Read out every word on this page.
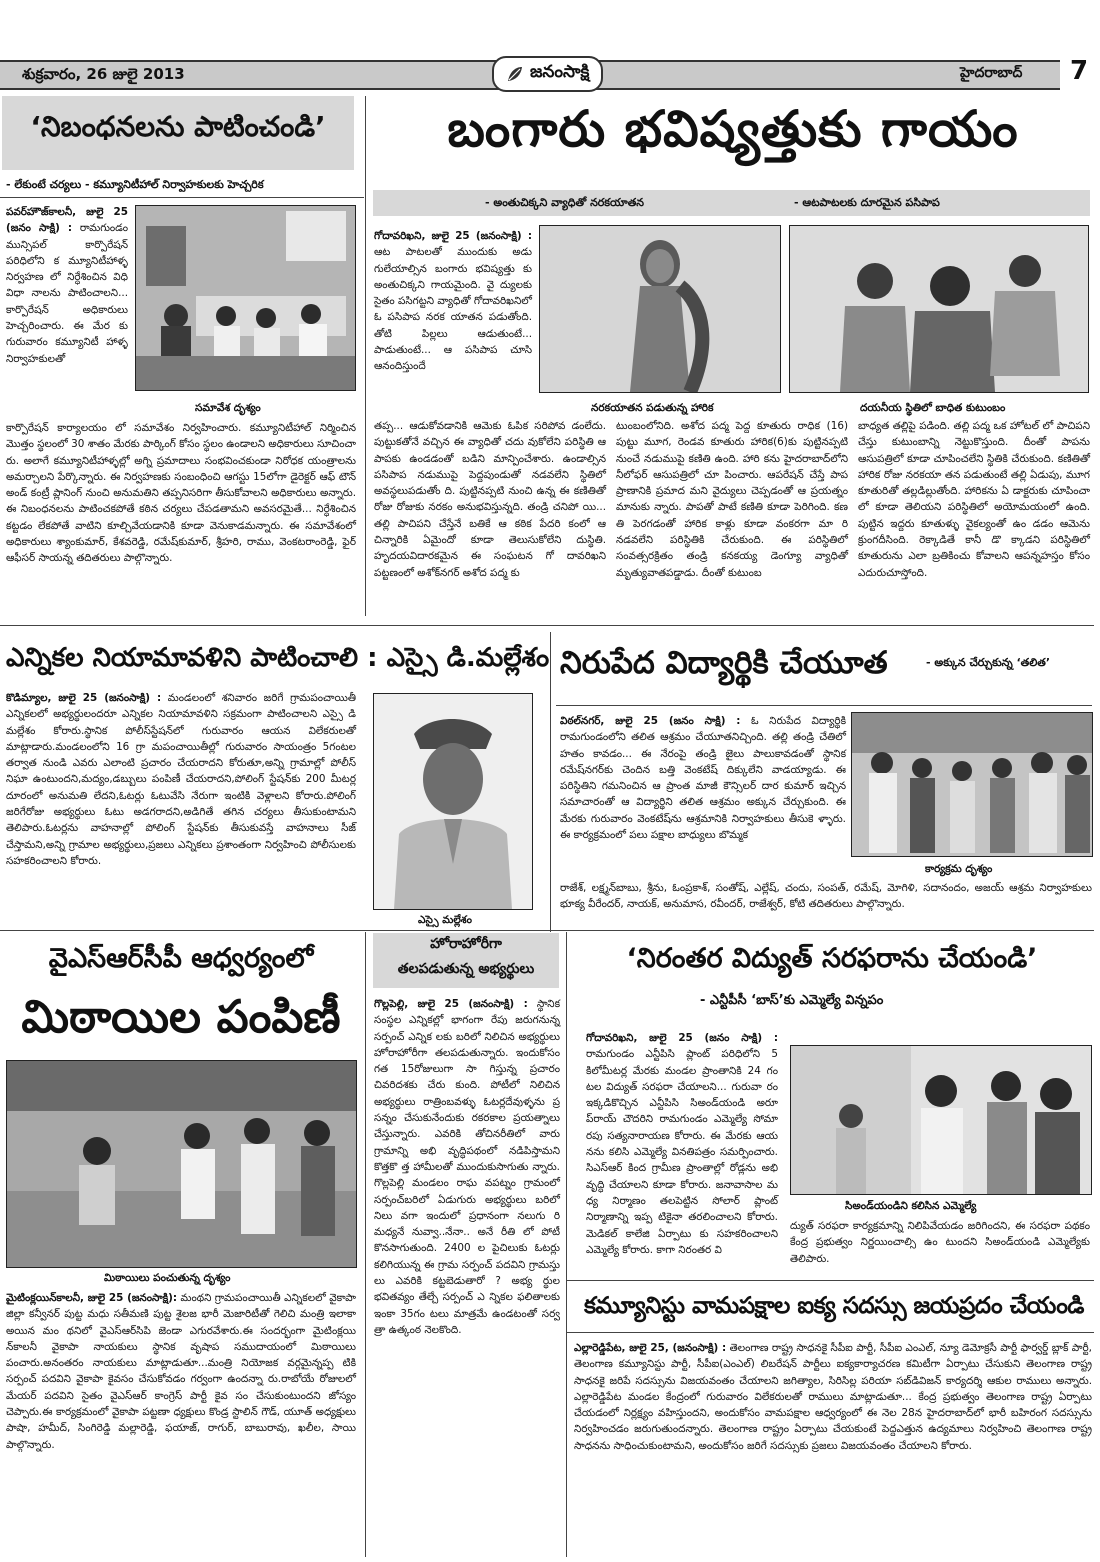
శుక్రవారం, 26 జులై 2013	జనంసాక్షి	హైదరాబాద్ 7
‘నిబంధనలను పాటించండి’
- లేకుంటే చర్యలు - కమ్యూనిటీహాల్ నిర్వాహకులకు హెచ్చరిక

పవర్‌హౌజ్‌కాలనీ, జులై 25 (జనం సాక్షి) : రామగుండం మున్సిపల్ కార్పొరేషన్ పరిధిలోని క మ్యూనిటీహాళ్ళ నిర్వహణ లో నిర్ధేశించిన విధి విధా నాలను పాటించాలని... కార్పొరేషన్ అధికారులు హెచ్చరించారు. ఈ మేర కు గురువారం కమ్యూనిటీ హాళ్ళ నిర్వాహకులతో

సమావేశ దృశ్యం

కార్పొరేషన్ కార్యాలయం లో సమావేశం నిర్వహించారు. కమ్యూనిటీహాల్ నిర్మించిన మొత్తం స్థలంలో 30 శాతం మేరకు పార్కింగ్ కోసం స్థలం ఉండాలని అధికారులు సూచించా రు. అలాగే కమ్యూనిటీహాళ్ళల్లో అగ్ని ప్రమాదాలు సంభవించకుండా నిరోధక యంత్రాలను అమర్చాలని పేర్కొన్నారు. ఈ నిర్వహణకు సంబంధించి ఆగస్టు 15లోగా డైరెక్టర్ ఆఫ్ టౌన్ అండ్ కంట్రీ ప్లానింగ్ నుంచి అనుమతిని తప్పనిసరిగా తీసుకోవాలని అధికారులు అన్నారు. ఈ నిబంధనలను పాటించకపోతే కఠిన చర్యలు చేపడతామని అవసరమైతే... నిర్ధేశించిన కట్టడం లేకపోతే వాటిని కూల్చివేయడానికి కూడా వెనుకాడమన్నారు. ఈ సమావేశంలో అధికారులు శ్యాంకుమార్, కేశవరెడ్డి, రమేష్‌కుమార్, శ్రీహరి, రాము, వెంకటరాంరెడ్డి, ఫైర్ ఆఫీసర్ సాయన్న తదితరులు పాల్గొన్నారు.

బంగారు భవిష్యత్తుకు గాయం
- అంతుచిక్కని వ్యాధితో నరకయాతన	- ఆటపాటలకు దూరమైన పసిపాప

గోదావరిఖని, జులై 25 (జనంసాక్షి) : ఆట పాటలతో ముందుకు అడు గులేయాల్సిన బంగారు భవిష్యత్తు కు అంతుచిక్కని గాయమైంది. వై ద్యులకు సైతం పసిగట్టని వ్యాధితో గోదావరిఖనిలో ఓ పసిపాప నరక యాతన పడుతోంది. తోటి పిల్లలు ఆడుతుంటే... పాడుతుంటే... ఆ పసిపాప చూసి ఆనందిస్తుందే

నరకయాతన పడుతున్న హారిక	దయనీయ స్థితిలో బాధిత కుటుంబం

తప్ప... ఆడుకోవడానికి ఆమెకు ఓపిక సరిపోవ డంలేదు. పుట్టుకతోనే వచ్చిన ఈ వ్యాధితో చదు వుకోలేని పరిస్థితి ఆ పాపకు ఉండడంతో బడిని మాన్పించేశారు. ఉండాల్సిన పసిపాప నడుముపై పెద్దపుండుతో నడవలేని స్థితిలో అవస్థలుపడుతోం ది. పుట్టినప్పటి నుంచి ఉన్న ఈ కణితితో రోజు రోజుకు నరకం అనుభవిస్తున్నది. తండ్రి చనిపో యి... తల్లి పాచిపని చేస్తేనే బతికే ఆ కఠిక పేదరి కంలో ఆ చిన్నారికి ఏమైందో కూడా తెలుసుకోలేని దుస్థితి. హృదయవిదారకమైన ఈ సంఘటన గో దావరిఖని పట్టణంలో అశోక్‌నగర్ అశోద పద్మ కు

టుంబంలోనిది. అశోద పద్మ పెద్ద కూతురు రాధిక (16) పుట్టు మూగ, రెండవ కూతురు హారిక(6)కు పుట్టినప్పటి నుంచే నడుముపై కణితి ఉంది. హారి కను హైదరాబాద్‌లోని నీలోఫర్ ఆసుపత్రిలో చూ పించారు. ఆపరేషన్ చేస్తే పాప ప్రాణానికి ప్రమాద మని వైద్యులు చెప్పడంతో ఆ ప్రయత్నం మానుకు న్నారు. పాపతో పాటే కణితి కూడా పెరిగింది. కణ తి పెరగడంతో హారిక కాళ్లు కూడా వంకరగా మా రి నడవలేని పరిస్థితికి చేరుకుంది. ఈ పరిస్థితిలో సంవత్సరక్రితం తండ్రి కనకయ్య డెంగ్యూ వ్యాధితో మృత్యువాతపడ్డాడు. దీంతో కుటుంబ

బాధ్యత తల్లిపై పడింది. తల్లి పద్మ ఒక హోటల్ లో పాచిపని చేస్తు కుటుంబాన్ని నెట్టుకొస్తుంది. దీంతో పాపను ఆసుపత్రిలో కూడా చూపించలేని స్థితికి చేరుకుంది. కణితితో హారిక రోజు నరకయా తన పడుతుంటే తల్లి ఏడుపు, మూగ కూతురితో తల్లడిల్లుతోంది. హారికను ఏ డాక్టరుకు చూపించా లో కూడా తెలియని పరిస్థితిలో అయోమయంలో ఉంది. పుట్టిన ఇద్దరు కూతుళ్ళు వైకల్యంతో ఉం డడం ఆమెను క్రుంగదీసింది. రెక్కాడితే కానీ డొ క్కాడని పరిస్థితిలో కూతురును ఎలా బ్రతికించు కోవాలని ఆపన్నహస్తం కోసం ఎదురుచూస్తోంది.

ఎన్నికల నియామావళిని పాటించాలి : ఎస్సై డి.మల్లేశం

కొడిమ్యాల, జులై 25 (జనంసాక్షి) : మండలంలో శనివారం జరిగే గ్రామపంచాయితీ ఎన్నికలలో అభ్యర్థులందరూ ఎన్నికల నియామావళిని సక్రమంగా పాటించాలని ఎస్సై డి మల్లేశం కోరారు.స్థానిక పోలీస్‌స్టేషన్‌లో గురువారం ఆయన విలేకరులతో మాట్లాడారు.మండలంలోని 16 గ్రా మపంచాయితీల్లో గురువారం సాయంత్రం 5గంటల తర్వాత నుండి ఎవరు ఎలాంటి ప్రచారం చేయరాదని కోరుతూ,అన్ని గ్రామాల్లో పోలీస్ నిఘా ఉంటుందని,మద్యం,డబ్బులు పంపిణీ చేయరాదని,పోలింగ్ స్టేషన్‌కు 200 మీటర్ల దూరంలో అనుమతి లేదని,ఓటర్లు ఓటువేసి నేరుగా ఇంటికి వెళ్లాలని కోరారు.పోలింగ్ జరిగేరోజు అభ్యర్థులు ఓటు అడగరాదని,అడిగితే తగిన చర్యలు తీసుకుంటామని తెలిపారు.ఓటర్లను వాహనాల్లో పోలింగ్ స్టేషన్‌కు తీసుకువస్తే వాహనాలు సీజ్ చేస్తామని,అన్ని గ్రామాల అభ్యర్థులు,ప్రజలు ఎన్నికలు ప్రశాంతంగా నిర్వహించి పోలీసులకు సహకరించాలని కోరారు.

ఎస్సై మల్లేశం
నిరుపేద విద్యార్థికి చేయూత	- అక్కున చేర్చుకున్న ‘తలిత’

విఠల్‌నగర్, జులై 25 (జనం సాక్షి) : ఓ నిరుపేద విద్యార్థికి రామగుండంలోని తలిత ఆశ్రమం చేయూతనిచ్చింది. తల్లి తండ్రి చేతిలో హతం కావడం... ఈ నేరంపై తండ్రి జైలు పాలుకావడంతో స్థానిక రమేష్‌నగర్‌కు చెందిన బత్తి వెంకటేష్ దిక్కులేని వాడయ్యాడు. ఈ పరిస్థితిని గమనించిన ఆ ప్రాంత మాజీ కౌన్సిలర్ దార కుమార్ ఇచ్చిన సమాచారంతో ఆ విద్యార్థిని తలిత ఆశ్రమం అక్కున చేర్చుకుంది. ఈ మేరకు గురువారం వెంకటేష్‌ను ఆశ్రమానికి నిర్వాహకులు తీసుకె ళ్ళారు. ఈ కార్యక్రమంలో పలు పక్షాల బాధ్యులు బొమ్మక

కార్యక్రమ దృశ్యం

రాజేశ్, లక్ష్మన్‌బాబు, శ్రీను, ఓంప్రకాశ్, సంతోష్, ఎల్లేష్, చందు, సంపత్, రమేష్, మోగిళి, సదానందం, అజయ్ ఆశ్రమ నిర్వాహకులు భూక్య వీరేందర్, నాయక్, అనుమాస, రవీందర్, రాజేశ్వర్, కోటి తదితరులు పాల్గొన్నారు.

వైఎస్‌ఆర్‌సీపీ ఆధ్వర్యంలో
మిఠాయిల పంపిణీ
మిఠాయిలు పంచుతున్న దృశ్యం

మైటింక్లయిన్‌కాలనీ, జులై 25 (జనంసాక్షి): మంథని గ్రామపంచాయితీ ఎన్నికలలో వైకాపా జిల్లా కన్వీనర్ పుట్ట మధు సతీమణి పుట్ట శైలజ భారీ మెజారిటీతో గెలిచి మంత్రి ఇలాకా అయిన మం థనిలో వైఎస్‌ఆర్‌సిపి జెండా ఎగురవేశారు.ఈ సందర్భంగా మైటింక్లయి న్‌కాలనీ వైకాపా నాయకులు స్థానిక వృషాప సముదాయంలో మిఠాయిలు పంచారు.అనంతరం నాయకులు మాట్లాడుతూ...మంత్రి నియోజక వర్గమైన్నప్ప టికి సర్పంచ్ పదవిని వైకాపా కైవసం చేసుకోవడం గర్వంగా ఉందన్నా రు.రాబోయే రోజులలో మేయర్ పదవిని సైతం వైఎస్‌ఆర్ కాంగ్రెస్ పార్టీ కైవ సం చేసుకుంటుందని జోస్యం చెప్పారు.ఈ కార్యక్రమంలో వైకాపా పట్టణా ధ్యక్షులు కొండ్ర స్టాలిన్ గౌడ్, యూత్ అధ్యక్షులు పాషా, హమీద్, సింగిరెడ్డి మల్లారెడ్డి, ఫయాజ్, రాగుర్, బాబురావు, ఖలీల, సాయి పాల్గొన్నారు.

హోరాహోరీగా
తలపడుతున్న అభ్యర్థులు

గొల్లపెల్లి, జులై 25 (జనంసాక్షి) : స్థానిక సంస్థల ఎన్నికల్లో భాగంగా రేపు జరుగనున్న సర్పంచ్ ఎన్నిక లకు బరిలో నిలిచిన అభ్యర్థులు హోరాహోరీగా తలపడుతున్నారు. ఇందుకోసం గత 15రోజులుగా సా గిస్తున్న ప్రచారం చివరిదశకు చేరు కుంది. పోటీలో నిలిచిన అభ్యర్థులు రాత్రింబవళ్ళు ఓటర్లదేవుళ్ళను ప్ర సన్నం చేసుకునేందుకు రకరకాల ప్రయత్నాలు చేస్తున్నారు. ఎవరికి తోచినరీతిలో వారు గ్రామాన్ని అభి వృద్ధిపథంలో నడిపిస్తామని కొత్తకొ త్త హామీలతో ముందుకుసాగుతు న్నారు. గొల్లపెల్లి మండలం రాఘ వపట్నం గ్రామంలో సర్పంచ్‌బరిలో ఏడుగురు అభ్యర్థులు బరిలో నిలు వగా ఇందులో ప్రధానంగా నలుగు రి మధ్యనే నువ్వా..నేనా.. అనే రీతి లో పోటీ కొనసాగుతుంది. 2400 ల పైచిలుకు ఓటర్లు కలిగియున్న ఈ గ్రామ సర్పంచ్ పదవిని గ్రామస్తు లు ఎవరికి కట్టబెడుతారో ? అభ్య ర్థుల భవితవ్యం తేల్చే సర్పంచ్ ఎ న్నికల ఫలితాలకు ఇంకా 35గం టలు మాత్రమే ఉండటంతో సర్వ త్రా ఉత్కంఠ నెలకొంది.

‘నిరంతర విద్యుత్ సరఫరాను చేయండి’
- ఎన్టీపీసీ ‘బాస్’కు ఎమ్మెల్యే విన్నపం

గోదావరిఖని, జులై 25 (జనం సాక్షి) : రామగుండం ఎన్టీపిసి ప్లాంట్ పరిధిలోని 5 కిలోమీటర్ల మేరకు మండల ప్రాంతానికి 24 గం టల విద్యుత్ సరఫరా చేయాలని... గురువా రం ఇక్కడికొచ్చిన ఎన్టీపిసి సిఅండ్‌యండి అరూ ప్‌రాయ్ చౌదరిని రామగుండం ఎమ్మెల్యే సోమా రపు సత్యనారాయణ కోరారు. ఈ మేరకు ఆయ నను కలిసి ఎమ్మెల్యే వినతిపత్రం సమర్పించారు. సిఎస్‌ఆర్ కింద గ్రామీణ ప్రాంతాల్లో రోడ్లను అభి వృద్ధి చేయాలని కూడా కోరారు. జనావాసాల మ ధ్య నిర్మాణం తలపెట్టిన సోలార్ ప్లాంట్ నిర్మాణాన్ని ఇప్ప టికైనా తరలించాలని కోరారు. మెడికల్ కాలేజి ఏర్పాటు కు సహకరించాలని ఎమ్మెల్యే కోరారు. కాగా నిరంతర వి

సిఅండ్‌యండిని కలిసిన ఎమ్మెల్యే

ద్యుత్ సరఫరా కార్యక్రమాన్ని నిలిపివేయడం జరిగిందని, ఈ సరఫరా పథకం కేంద్ర ప్రభుత్వం నిర్ణయించాల్సి ఉం టుందని సిఅండ్‌యండి ఎమ్మెల్యేకు తెలిపారు.

కమ్యూనిస్టు వామపక్షాల ఐక్య సదస్సు జయప్రదం చేయండి

ఎల్లారెడ్డిపేట, జులై 25, (జనంసాక్షి) : తెలంగాణ రాష్ట్ర సాధనకై సీపీఐ పార్టీ, సీపీఐ ఎంఎల్, న్యూ డెమోక్రసీ పార్టీ ఫార్వర్డ్ బ్లాక్ పార్టీ, తెలంగాణ కమ్యూనిస్టు పార్టీ, సీపీఐ(ఎంఎల్) లిబరేషన్ పార్టీలు ఐక్యకార్యాచరణ కమిటీగా ఏర్పాటు చేసుకుని తెలంగాణ రాష్ట్ర సాధనకై జరిపే సదస్సును విజయవంతం చేయాలని జగిత్యాల, సిరిసిల్ల పరియా సబ్‌డివిజన్ కార్యదర్శి ఆకుల రాములు అన్నారు. ఎల్లారెడ్డిపేట మండల కేంద్రంలో గురువారం విలేకరులతో రాములు మాట్లాడుతూ... కేంద్ర ప్రభుత్వం తెలంగాణ రాష్ట్ర ఏర్పాటు చేయడంలో నిర్లక్ష్యం వహిస్తుందని, అందుకోసం వామపక్షాల ఆధ్వర్యంలో ఈ నెల 28న హైదరాబాద్‌లో భారీ బహిరంగ సదస్సును నిర్వహించడం జరుగుతుందన్నారు. తెలంగాణ రాష్ట్రం ఏర్పాటు చేయకుంటే పెద్దఎత్తున ఉద్యమాలు నిర్వహించి తెలంగాణ రాష్ట్ర సాధనను సాధించుకుంటామని, అందుకోసం జరిగే సదస్సుకు ప్రజలు విజయవంతం చేయాలని కోరారు.
